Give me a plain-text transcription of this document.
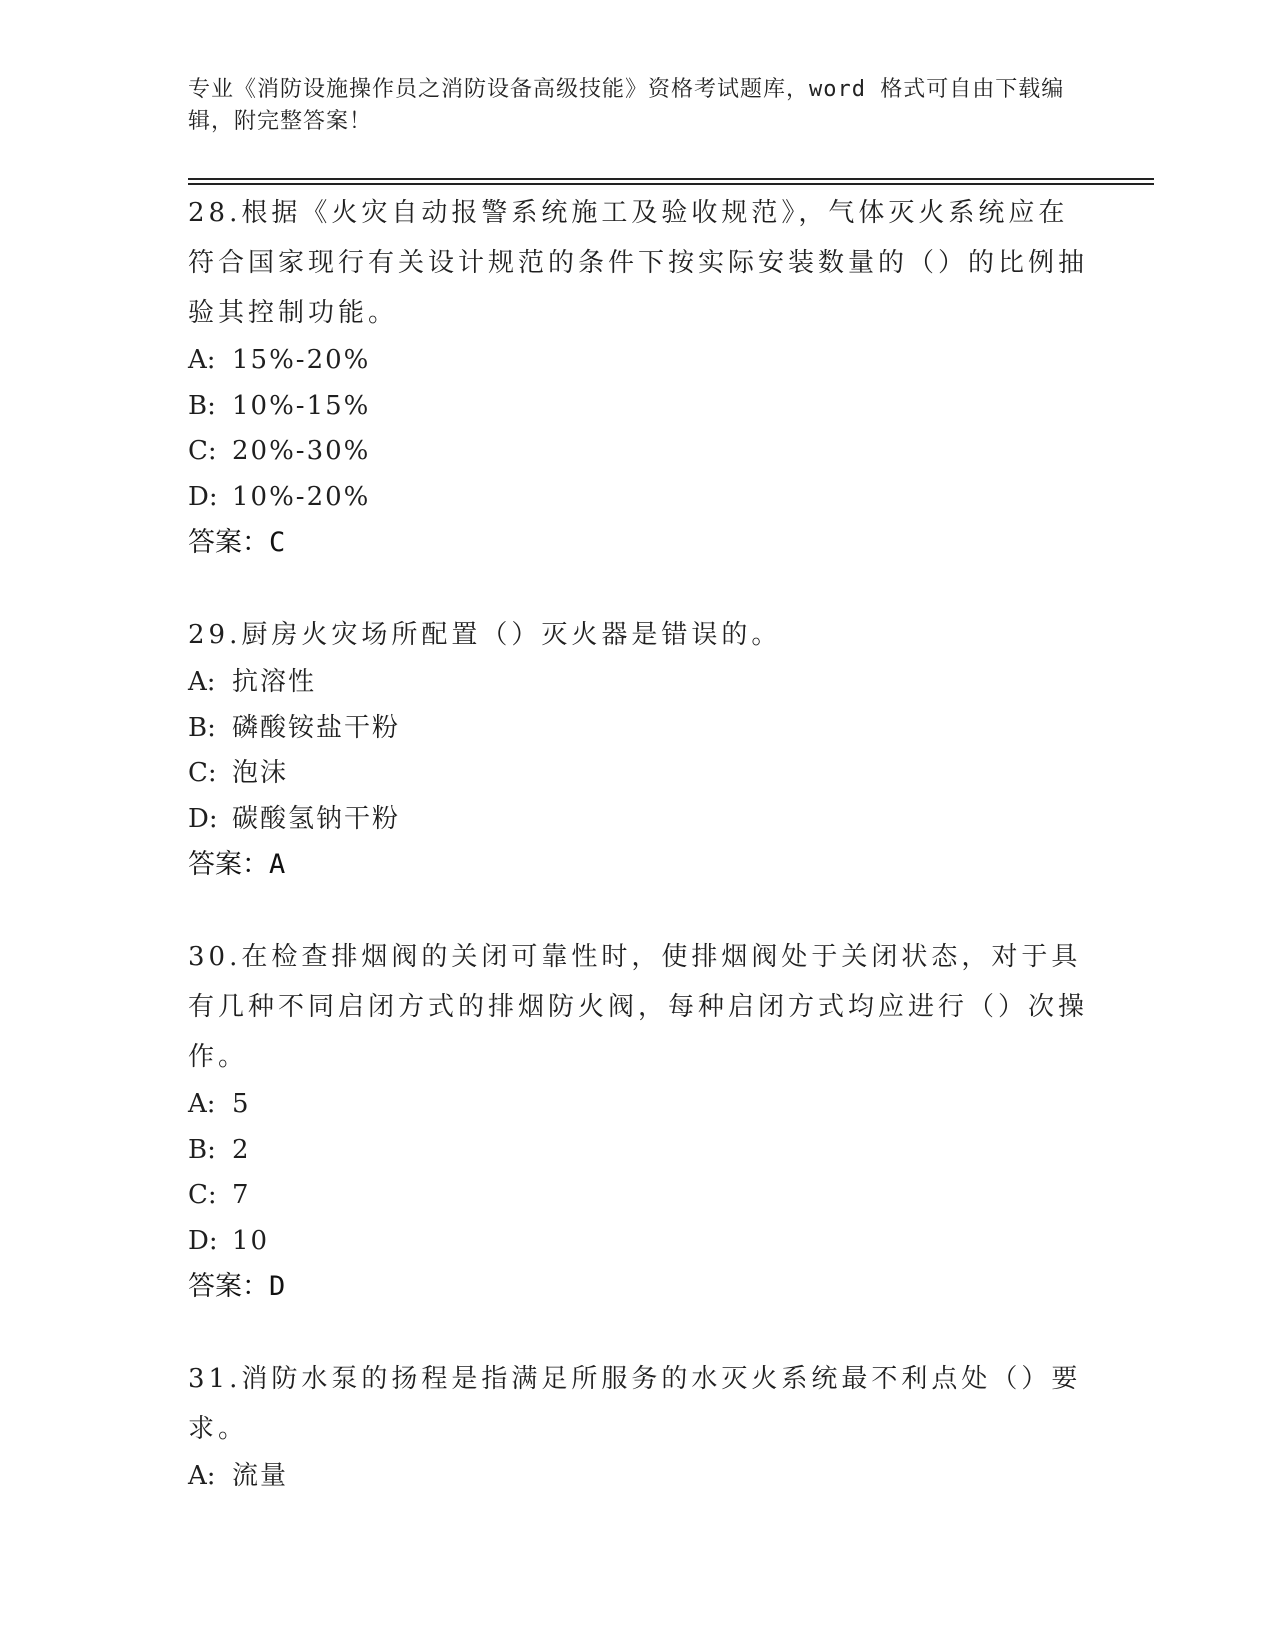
专业《消防设施操作员之消防设备高级技能》资格考试题库，word 格式可自由下载编辑，附完整答案！

28.根据《火灾自动报警系统施工及验收规范》，气体灭火系统应在符合国家现行有关设计规范的条件下按实际安装数量的（）的比例抽验其控制功能。

A: 15%-20%

B: 10%-15%

C: 20%-30%

D: 10%-20%

答案：C

29.厨房火灾场所配置（）灭火器是错误的。

A: 抗溶性

B: 磷酸铵盐干粉

C: 泡沫

D: 碳酸氢钠干粉

答案：A

30.在检查排烟阀的关闭可靠性时，使排烟阀处于关闭状态，对于具有几种不同启闭方式的排烟防火阀，每种启闭方式均应进行（）次操作。

A: 5

B: 2

C: 7

D: 10

答案：D

31.消防水泵的扬程是指满足所服务的水灭火系统最不利点处（）要求。

A: 流量
